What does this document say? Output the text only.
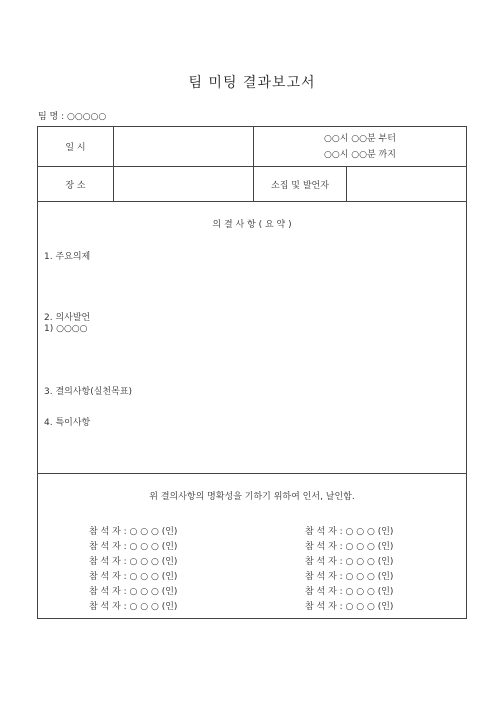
팀 미팅 결과보고서
팀 명 : ○○○○○
일 시
○○시 ○○분 부터
○○시 ○○분 까지
장 소	소집 및 발언자
의 결 사 항 ( 요 약 )
1. 주요의제
2. 의사발언
1) ○○○○
3. 결의사항(실천목표)
4. 특이사항
위 결의사항의 명확성을 기하기 위하여 인서, 날인함.
참 석 자 : ○ ○ ○ (인)
참 석 자 : ○ ○ ○ (인)
참 석 자 : ○ ○ ○ (인)
참 석 자 : ○ ○ ○ (인)
참 석 자 : ○ ○ ○ (인)
참 석 자 : ○ ○ ○ (인)
참 석 자 : ○ ○ ○ (인)
참 석 자 : ○ ○ ○ (인)
참 석 자 : ○ ○ ○ (인)
참 석 자 : ○ ○ ○ (인)
참 석 자 : ○ ○ ○ (인)
참 석 자 : ○ ○ ○ (인)
